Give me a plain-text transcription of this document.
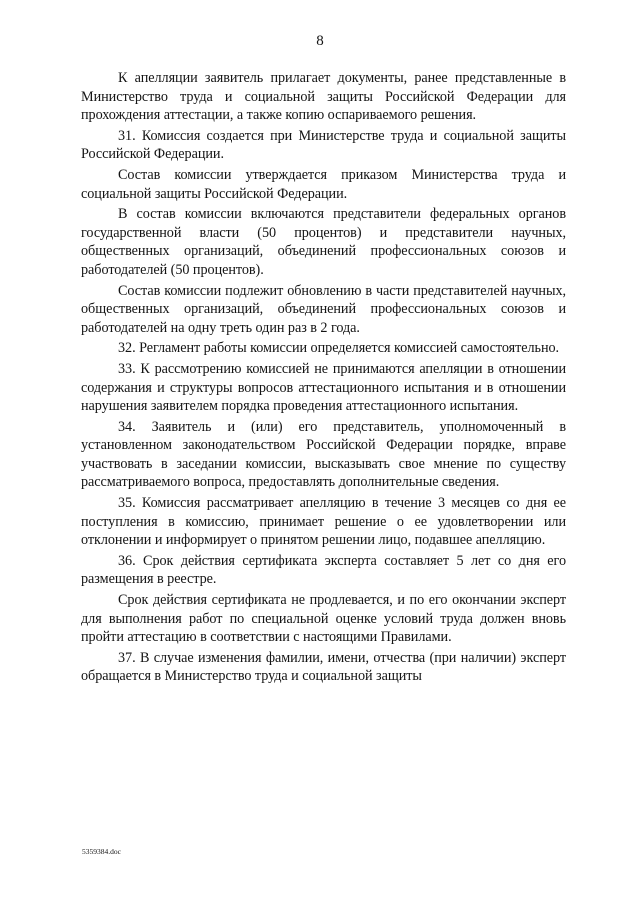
8

К апелляции заявитель прилагает документы, ранее представленные в Министерство труда и социальной защиты Российской Федерации для прохождения аттестации, а также копию оспариваемого решения.

31. Комиссия создается при Министерстве труда и социальной защиты Российской Федерации.

Состав комиссии утверждается приказом Министерства труда и социальной защиты Российской Федерации.

В состав комиссии включаются представители федеральных органов государственной власти (50 процентов) и представители научных, общественных организаций, объединений профессиональных союзов и работодателей (50 процентов).

Состав комиссии подлежит обновлению в части представителей научных, общественных организаций, объединений профессиональных союзов и работодателей на одну треть один раз в 2 года.

32. Регламент работы комиссии определяется комиссией самостоятельно.

33. К рассмотрению комиссией не принимаются апелляции в отношении содержания и структуры вопросов аттестационного испытания и в отношении нарушения заявителем порядка проведения аттестационного испытания.

34. Заявитель и (или) его представитель, уполномоченный в установленном законодательством Российской Федерации порядке, вправе участвовать в заседании комиссии, высказывать свое мнение по существу рассматриваемого вопроса, предоставлять дополнительные сведения.

35. Комиссия рассматривает апелляцию в течение 3 месяцев со дня ее поступления в комиссию, принимает решение о ее удовлетворении или отклонении и информирует о принятом решении лицо, подавшее апелляцию.

36. Срок действия сертификата эксперта составляет 5 лет со дня его размещения в реестре.

Срок действия сертификата не продлевается, и по его окончании эксперт для выполнения работ по специальной оценке условий труда должен вновь пройти аттестацию в соответствии с настоящими Правилами.

37. В случае изменения фамилии, имени, отчества (при наличии) эксперт обращается в Министерство труда и социальной защиты

5359384.doc
